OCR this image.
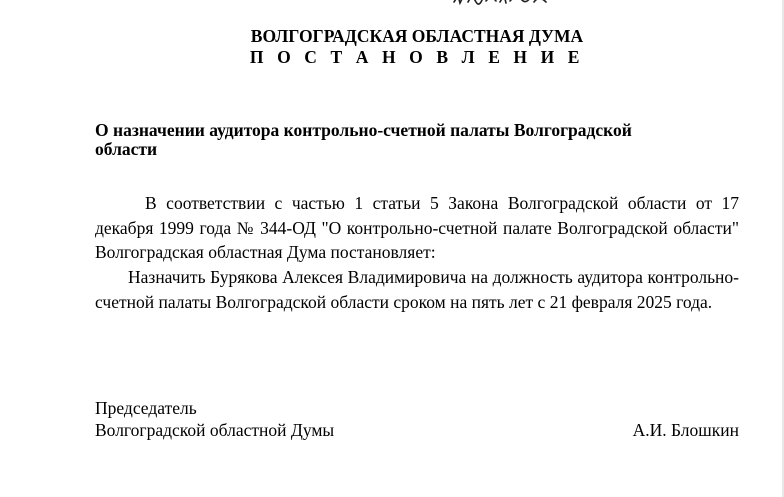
ВОЛГОГРАДСКАЯ ОБЛАСТНАЯ ДУМА
П О С Т А Н О В Л Е Н И Е
О назначении аудитора контрольно-счетной палаты Волгоградской области
В соответствии с частью 1 статьи 5 Закона Волгоградской области от 17 декабря 1999 года № 344-ОД "О контрольно-счетной палате Волгоградской области" Волгоградская областная Дума постановляет:
Назначить Бурякова Алексея Владимировича на должность аудитора контрольно-счетной палаты Волгоградской области сроком на пять лет с 21 февраля 2025 года.
Председатель
Волгоградской областной Думы	А.И. Блошкин
